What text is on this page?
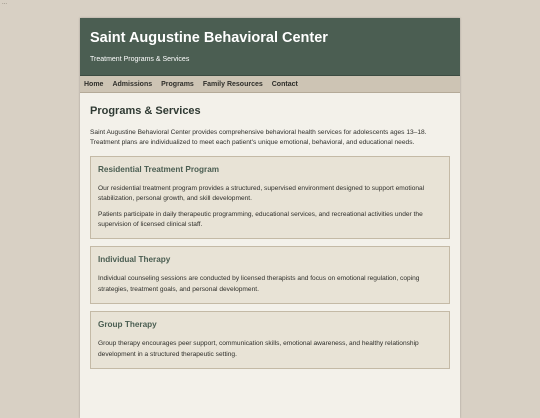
...
Saint Augustine Behavioral Center
Treatment Programs & Services
Home Admissions Programs Family Resources Contact
Programs & Services

Saint Augustine Behavioral Center provides comprehensive behavioral health services for adolescents ages 13–18. Treatment plans are individualized to meet each patient's unique emotional, behavioral, and educational needs.

Residential Treatment Program

Our residential treatment program provides a structured, supervised environment designed to support emotional stabilization, personal growth, and skill development.

Patients participate in daily therapeutic programming, educational services, and recreational activities under the supervision of licensed clinical staff.

Individual Therapy

Individual counseling sessions are conducted by licensed therapists and focus on emotional regulation, coping strategies, treatment goals, and personal development.

Group Therapy

Group therapy encourages peer support, communication skills, emotional awareness, and healthy relationship development in a structured therapeutic setting.
